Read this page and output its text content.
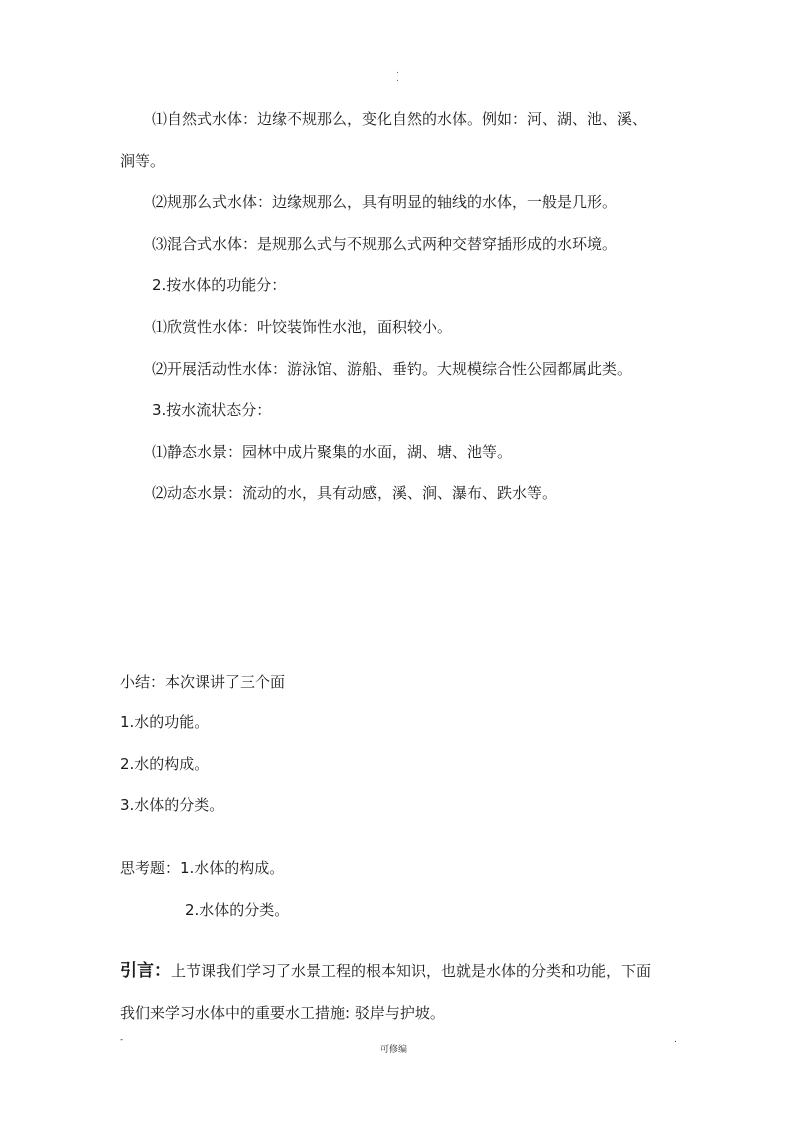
.
.
⑴自然式水体：边缘不规那么，变化自然的水体。例如：河、湖、池、溪、
涧等。
⑵规那么式水体：边缘规那么，具有明显的轴线的水体，一般是几形。
⑶混合式水体：是规那么式与不规那么式两种交替穿插形成的水环境。
2.按水体的功能分：
⑴欣赏性水体：叶饺装饰性水池，面积较小。
⑵开展活动性水体：游泳馆、游船、垂钓。大规模综合性公园都属此类。
3.按水流状态分：
⑴静态水景：园林中成片聚集的水面，湖、塘、池等。
⑵动态水景：流动的水，具有动感，溪、涧、瀑布、跌水等。
小结：本次课讲了三个面
1.水的功能。
2.水的构成。
3.水体的分类。
思考题：1.水体的构成。
2.水体的分类。
引言：上节课我们学习了水景工程的根本知识，也就是水体的分类和功能，下面
我们来学习水体中的重要水工措施: 驳岸与护坡。
-
可修编
.
